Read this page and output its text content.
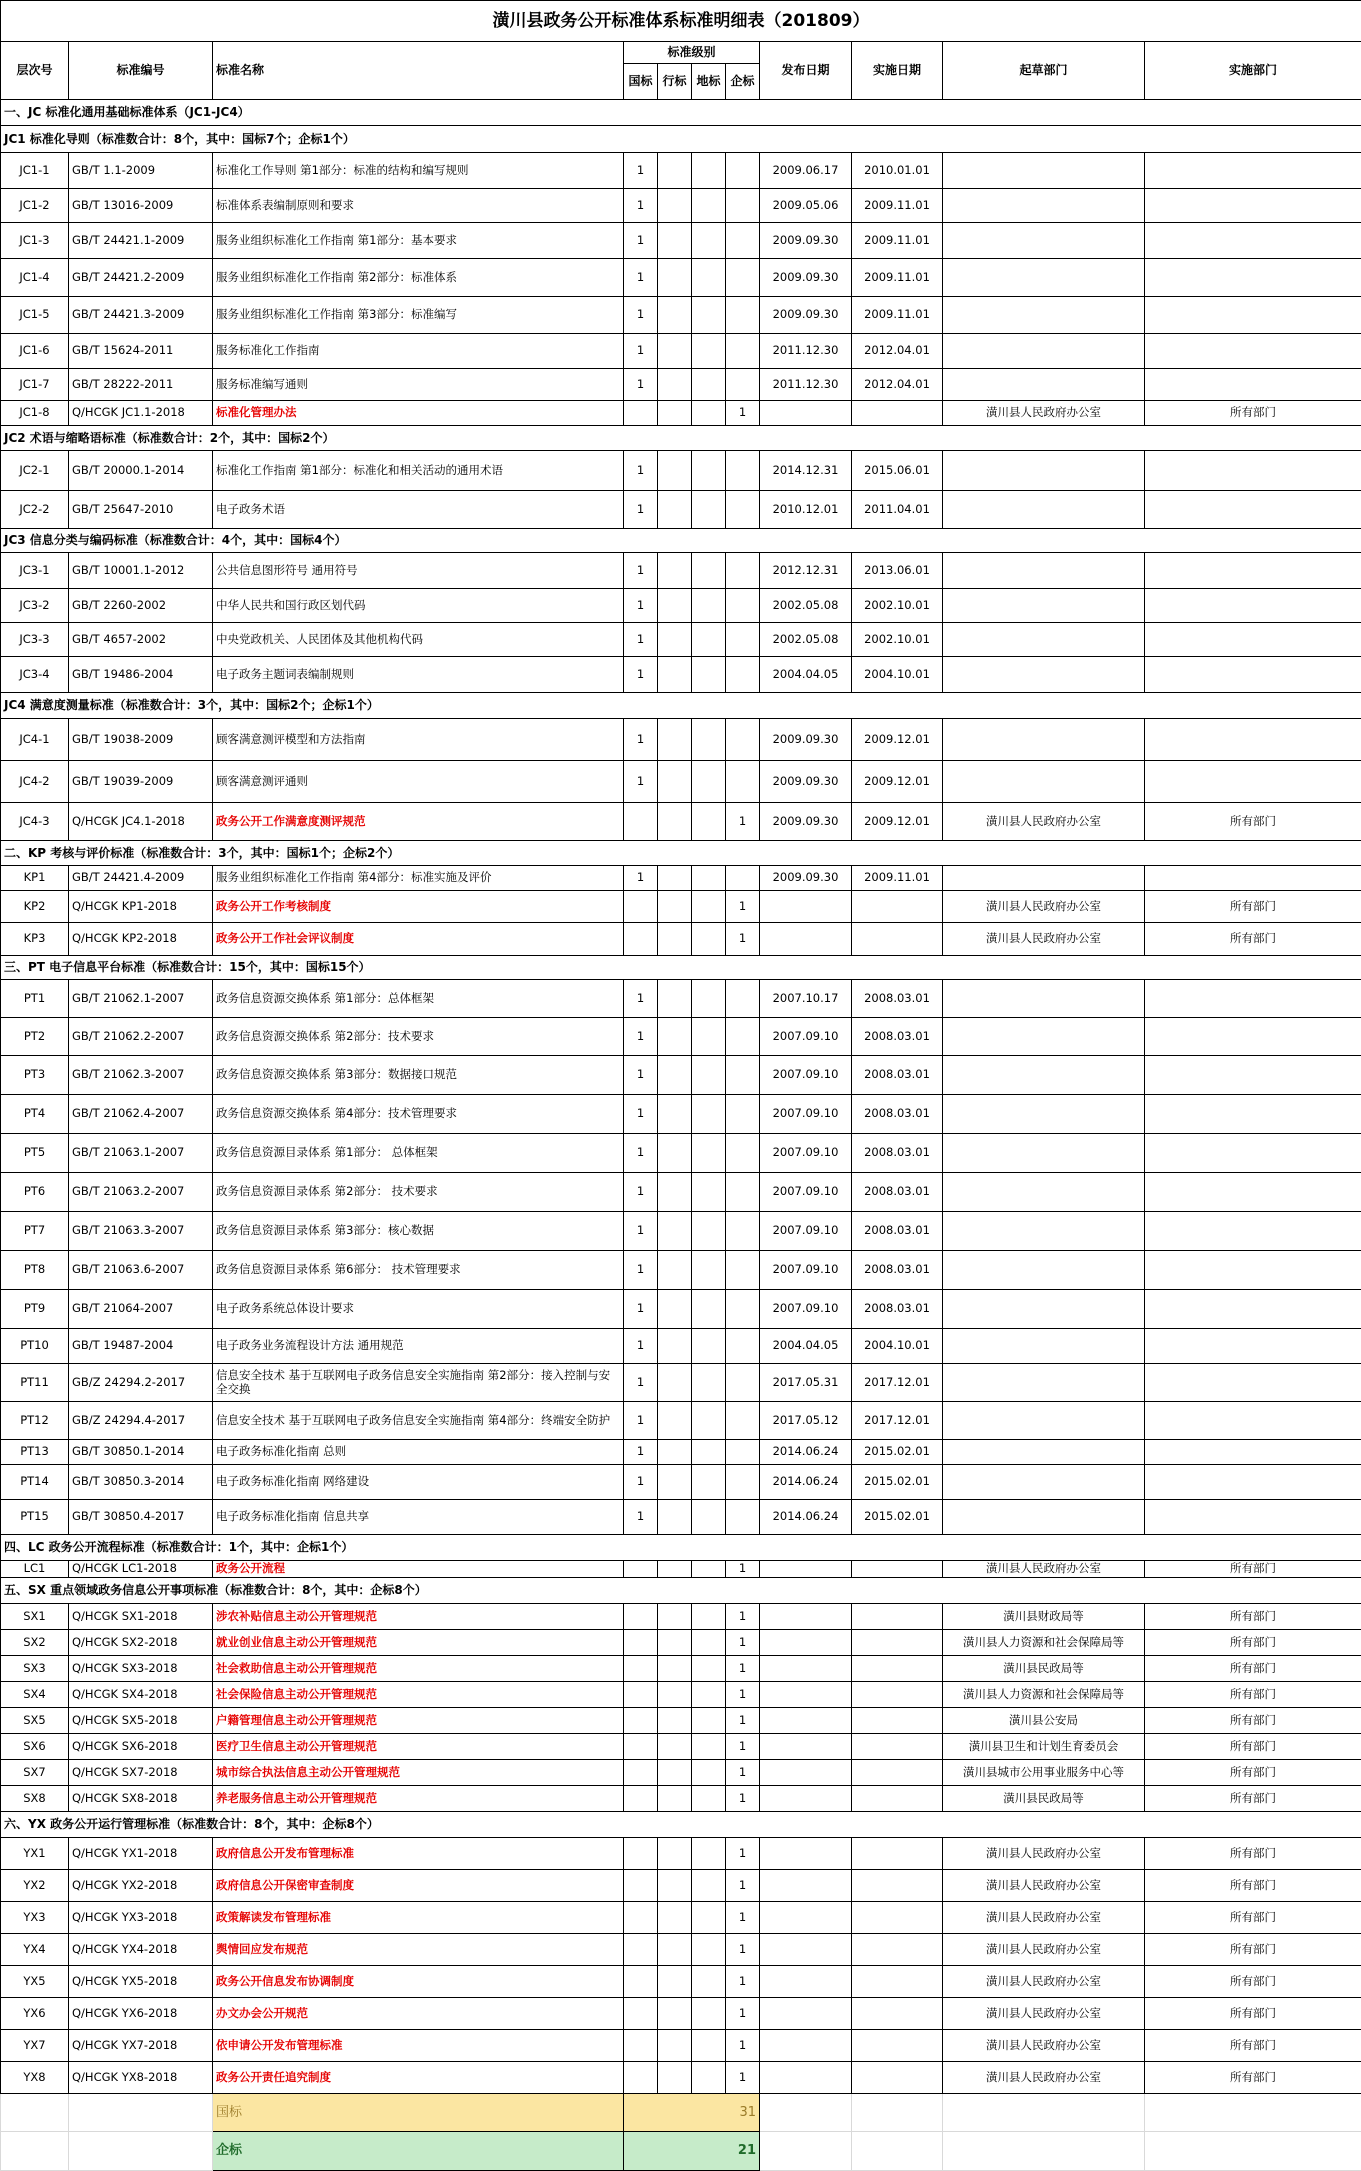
潢川县政务公开标准体系标准明细表（201809）										
层次号	标准编号	标准名称	标准级别				发布日期	实施日期	起草部门	实施部门
			国标	行标	地标	企标				
一、JC 标准化通用基础标准体系（JC1-JC4）										
JC1 标准化导则（标准数合计：8个，其中：国标7个；企标1个）										
JC1-1	GB/T 1.1-2009	标准化工作导则 第1部分：标准的结构和编写规则	1				2009.06.17	2010.01.01		
JC1-2	GB/T 13016-2009	标准体系表编制原则和要求	1				2009.05.06	2009.11.01		
JC1-3	GB/T 24421.1-2009	服务业组织标准化工作指南 第1部分：基本要求	1				2009.09.30	2009.11.01		
JC1-4	GB/T 24421.2-2009	服务业组织标准化工作指南 第2部分：标准体系	1				2009.09.30	2009.11.01		
JC1-5	GB/T 24421.3-2009	服务业组织标准化工作指南 第3部分：标准编写	1				2009.09.30	2009.11.01		
JC1-6	GB/T 15624-2011	服务标准化工作指南	1				2011.12.30	2012.04.01		
JC1-7	GB/T 28222-2011	服务标准编写通则	1				2011.12.30	2012.04.01		
JC1-8	Q/HCGK JC1.1-2018	标准化管理办法				1			潢川县人民政府办公室	所有部门
JC2 术语与缩略语标准（标准数合计：2个，其中：国标2个）										
JC2-1	GB/T 20000.1-2014	标准化工作指南 第1部分：标准化和相关活动的通用术语	1				2014.12.31	2015.06.01		
JC2-2	GB/T 25647-2010	电子政务术语	1				2010.12.01	2011.04.01		
JC3 信息分类与编码标准（标准数合计：4个，其中：国标4个）										
JC3-1	GB/T 10001.1-2012	公共信息图形符号 通用符号	1				2012.12.31	2013.06.01		
JC3-2	GB/T 2260-2002	中华人民共和国行政区划代码	1				2002.05.08	2002.10.01		
JC3-3	GB/T 4657-2002	中央党政机关、人民团体及其他机构代码	1				2002.05.08	2002.10.01		
JC3-4	GB/T 19486-2004	电子政务主题词表编制规则	1				2004.04.05	2004.10.01		
JC4 满意度测量标准（标准数合计：3个，其中：国标2个；企标1个）										
JC4-1	GB/T 19038-2009	顾客满意测评模型和方法指南	1				2009.09.30	2009.12.01		
JC4-2	GB/T 19039-2009	顾客满意测评通则	1				2009.09.30	2009.12.01		
JC4-3	Q/HCGK JC4.1-2018	政务公开工作满意度测评规范				1	2009.09.30	2009.12.01	潢川县人民政府办公室	所有部门
二、KP 考核与评价标准（标准数合计：3个，其中：国标1个；企标2个）										
KP1	GB/T 24421.4-2009	服务业组织标准化工作指南 第4部分：标准实施及评价	1				2009.09.30	2009.11.01		
KP2	Q/HCGK KP1-2018	政务公开工作考核制度				1			潢川县人民政府办公室	所有部门
KP3	Q/HCGK KP2-2018	政务公开工作社会评议制度				1			潢川县人民政府办公室	所有部门
三、PT 电子信息平台标准（标准数合计：15个，其中：国标15个）										
PT1	GB/T 21062.1-2007	政务信息资源交换体系 第1部分：总体框架	1				2007.10.17	2008.03.01		
PT2	GB/T 21062.2-2007	政务信息资源交换体系 第2部分：技术要求	1				2007.09.10	2008.03.01		
PT3	GB/T 21062.3-2007	政务信息资源交换体系 第3部分：数据接口规范	1				2007.09.10	2008.03.01		
PT4	GB/T 21062.4-2007	政务信息资源交换体系 第4部分：技术管理要求	1				2007.09.10	2008.03.01		
PT5	GB/T 21063.1-2007	政务信息资源目录体系 第1部分： 总体框架	1				2007.09.10	2008.03.01		
PT6	GB/T 21063.2-2007	政务信息资源目录体系 第2部分： 技术要求	1				2007.09.10	2008.03.01		
PT7	GB/T 21063.3-2007	政务信息资源目录体系 第3部分：核心数据	1				2007.09.10	2008.03.01		
PT8	GB/T 21063.6-2007	政务信息资源目录体系 第6部分： 技术管理要求	1				2007.09.10	2008.03.01		
PT9	GB/T 21064-2007	电子政务系统总体设计要求	1				2007.09.10	2008.03.01		
PT10	GB/T 19487-2004	电子政务业务流程设计方法 通用规范	1				2004.04.05	2004.10.01		
PT11	GB/Z 24294.2-2017	信息安全技术 基于互联网电子政务信息安全实施指南 第2部分：接入控制与安全交换	1				2017.05.31	2017.12.01		
PT12	GB/Z 24294.4-2017	信息安全技术 基于互联网电子政务信息安全实施指南 第4部分：终端安全防护	1				2017.05.12	2017.12.01		
PT13	GB/T 30850.1-2014	电子政务标准化指南 总则	1				2014.06.24	2015.02.01		
PT14	GB/T 30850.3-2014	电子政务标准化指南 网络建设	1				2014.06.24	2015.02.01		
PT15	GB/T 30850.4-2017	电子政务标准化指南 信息共享	1				2014.06.24	2015.02.01		
四、LC 政务公开流程标准（标准数合计：1个，其中：企标1个）										
LC1	Q/HCGK LC1-2018	政务公开流程				1			潢川县人民政府办公室	所有部门
五、SX 重点领域政务信息公开事项标准（标准数合计：8个，其中：企标8个）										
SX1	Q/HCGK SX1-2018	涉农补贴信息主动公开管理规范				1			潢川县财政局等	所有部门
SX2	Q/HCGK SX2-2018	就业创业信息主动公开管理规范				1			潢川县人力资源和社会保障局等	所有部门
SX3	Q/HCGK SX3-2018	社会救助信息主动公开管理规范				1			潢川县民政局等	所有部门
SX4	Q/HCGK SX4-2018	社会保险信息主动公开管理规范				1			潢川县人力资源和社会保障局等	所有部门
SX5	Q/HCGK SX5-2018	户籍管理信息主动公开管理规范				1			潢川县公安局	所有部门
SX6	Q/HCGK SX6-2018	医疗卫生信息主动公开管理规范				1			潢川县卫生和计划生育委员会	所有部门
SX7	Q/HCGK SX7-2018	城市综合执法信息主动公开管理规范				1			潢川县城市公用事业服务中心等	所有部门
SX8	Q/HCGK SX8-2018	养老服务信息主动公开管理规范				1			潢川县民政局等	所有部门
六、YX 政务公开运行管理标准（标准数合计：8个，其中：企标8个）										
YX1	Q/HCGK YX1-2018	政府信息公开发布管理标准				1			潢川县人民政府办公室	所有部门
YX2	Q/HCGK YX2-2018	政府信息公开保密审查制度				1			潢川县人民政府办公室	所有部门
YX3	Q/HCGK YX3-2018	政策解读发布管理标准				1			潢川县人民政府办公室	所有部门
YX4	Q/HCGK YX4-2018	舆情回应发布规范				1			潢川县人民政府办公室	所有部门
YX5	Q/HCGK YX5-2018	政务公开信息发布协调制度				1			潢川县人民政府办公室	所有部门
YX6	Q/HCGK YX6-2018	办文办会公开规范				1			潢川县人民政府办公室	所有部门
YX7	Q/HCGK YX7-2018	依申请公开发布管理标准				1			潢川县人民政府办公室	所有部门
YX8	Q/HCGK YX8-2018	政务公开责任追究制度				1			潢川县人民政府办公室	所有部门
		国标	31							
		企标	21							
